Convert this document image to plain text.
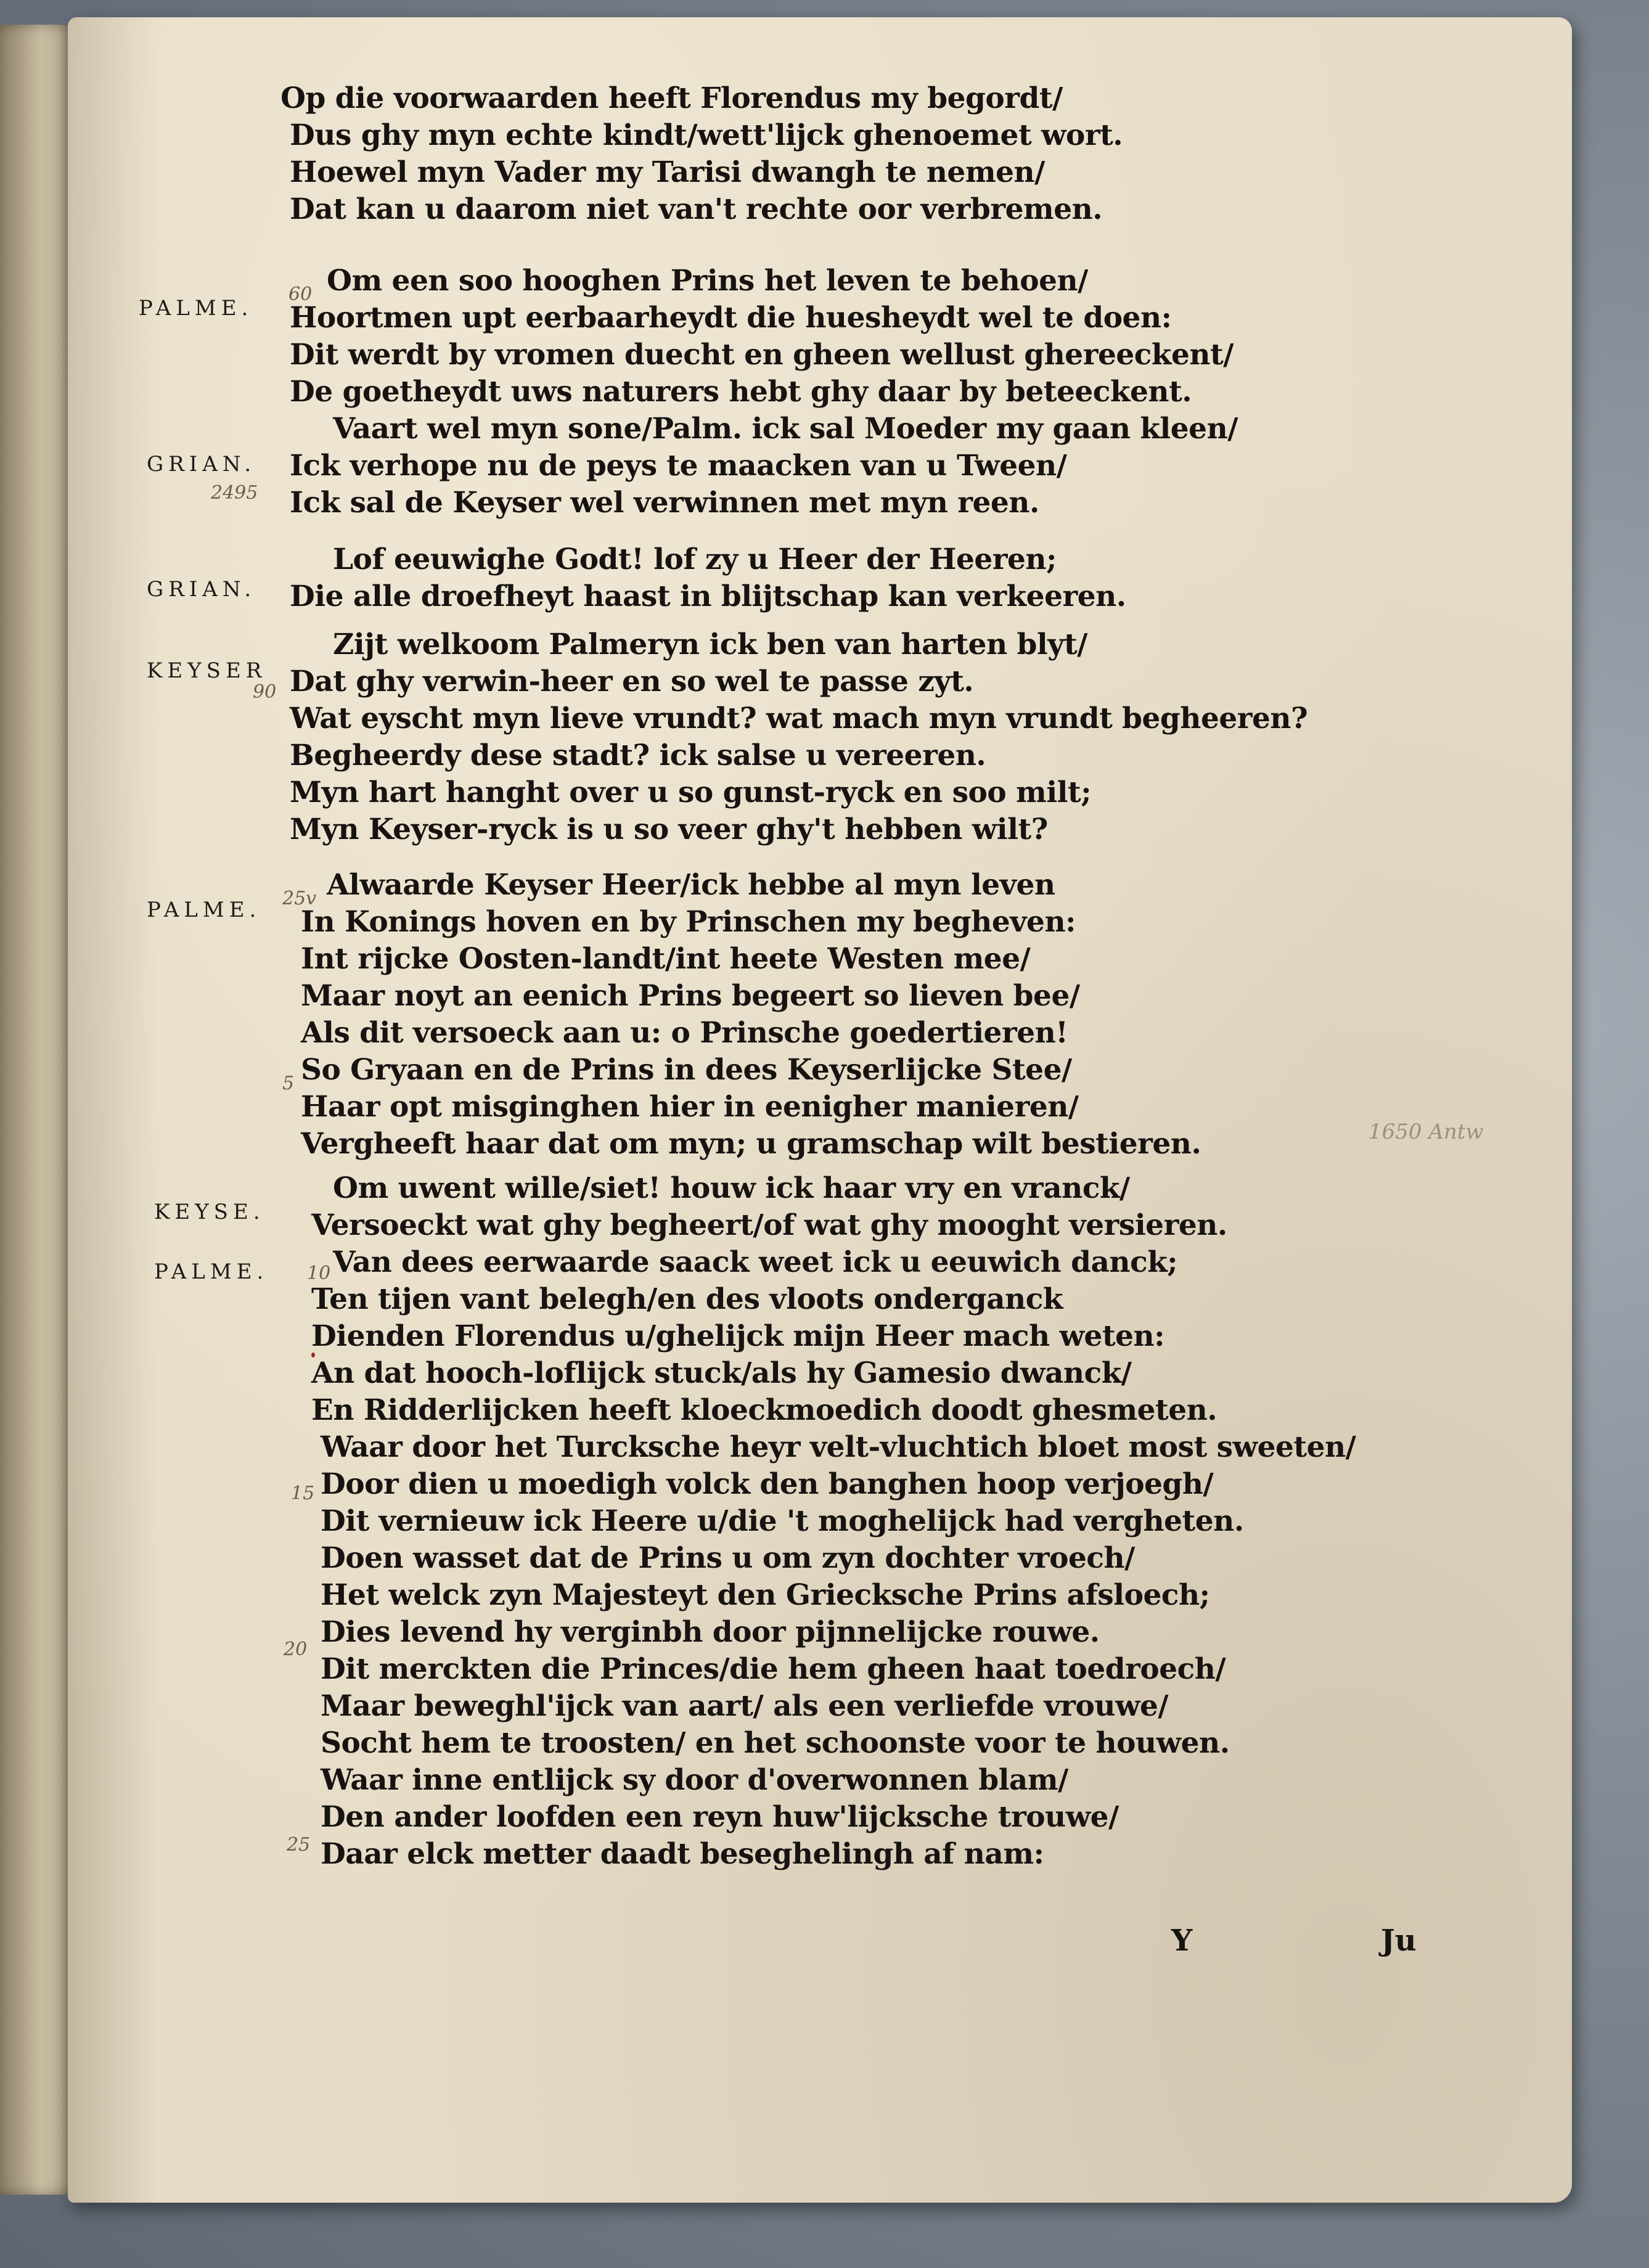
Op die voorwaarden heeft Florendus my begordt/
Dus ghy myn echte kindt/wett'lijck ghenoemet wort.
Hoewel myn Vader my Tarisi dwangh te nemen/
Dat kan u daarom niet van't rechte oor verbremen.
PALME.
60 Om een soo hooghen Prins het leven te behoen/
Hoortmen upt eerbaarheydt die huesheydt wel te doen:
Dit werdt by vromen duecht en gheen wellust ghereeckent/
De goetheydt uws naturers hebt ghy daar by beteeckent.
GRIAN.
Vaart wel myn sone/Palm. ick sal Moeder my gaan kleen/
2495
Ick verhope nu de peys te maacken van u Tween/
Ick sal de Keyser wel verwinnen met myn reen.
GRIAN.
Lof eeuwighe Godt! lof zy u Heer der Heeren;
Die alle droefheyt haast in blijtschap kan verkeeren.
KEYSER
Zijt welkoom Palmeryn ick ben van harten blyt/
90 Dat ghy verwin-heer en so wel te passe zyt.
Wat eyscht myn lieve vrundt? wat mach myn vrundt begheeren?
Begheerdy dese stadt? ick salse u vereeren.
Myn hart hanght over u so gunst-ryck en soo milt;
Myn Keyser-ryck is u so veer ghy't hebben wilt?
PALME. 25v Alwaarde Keyser Heer/ick hebbe al myn leven
In Konings hoven en by Prinschen my begheven:
Int rijcke Oosten-landt/int heete Westen mee/
Maar noyt an eenich Prins begeert so lieven bee/
Als dit versoeck aan u: o Prinsche goedertieren!
5 So Gryaan en de Prins in dees Keyserlijcke Stee/
Haar opt misginghen hier in eenigher manieren/
Vergheeft haar dat om myn; u gramschap wilt bestieren.	1650 Antw
KEYSE.
Om uwent wille/siet! houw ick haar vry en vranck/
Versoeckt wat ghy begheert/of wat ghy mooght versieren.
PALME. 10 Van dees eerwaarde saack weet ick u eeuwich danck;
Ten tijen vant belegh/en des vloots onderganck
Dienden Florendus u/ghelijck mijn Heer mach weten:
An dat hooch-loflijck stuck/als hy Gamesio dwanck/
En Ridderlijcken heeft kloeckmoedich doodt ghesmeten.
15
Waar door het Turcksche heyr velt-vluchtich bloet most sweeten/
Door dien u moedigh volck den banghen hoop verjoegh/
Dit vernieuw ick Heere u/die 't moghelijck had vergheten.
Doen wasset dat de Prins u om zyn dochter vroech/
Het welck zyn Majesteyt den Griecksche Prins afsloech;
20
Dies levend hy verginbh door pijnnelijcke rouwe.
Dit merckten die Princes/die hem gheen haat toedroech/
Maar beweghl'ijck van aart/ als een verliefde vrouwe/
Socht hem te troosten/ en het schoonste voor te houwen.
Waar inne entlijck sy door d'overwonnen blam/
25
Den ander loofden een reyn huw'lijcksche trouwe/
Daar elck metter daadt beseghelingh af nam:
Y	Ju
